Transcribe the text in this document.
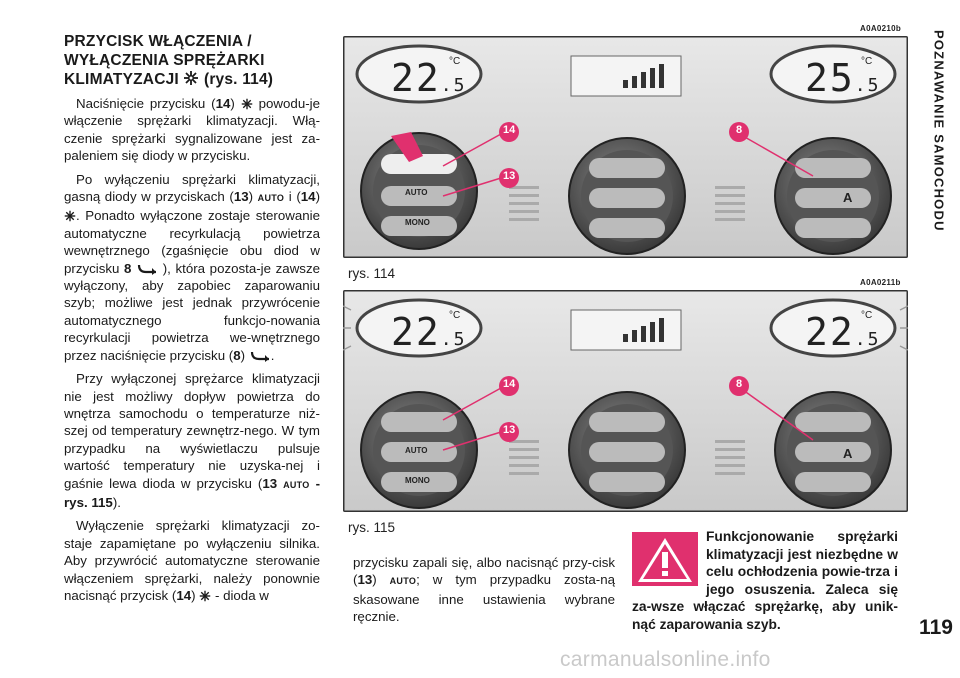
PRZYCISK WŁĄCZENIA /
WYŁĄCZENIA SPRĘŻARKI
KLIMATYZACJI (rys. 114)

Naciśnięcie przycisku (14)  powodu-je włączenie sprężarki klimatyzacji. Włą-czenie sprężarki sygnalizowane jest za-paleniem się diody w przycisku.

Po wyłączeniu sprężarki klimatyzacji, gasną diody w przyciskach (13) AUTO i (14) . Ponadto wyłączone zostaje sterowanie automatyczne recyrkulacją powietrza wewnętrznego (zgaśnięcie obu diod w przycisku 8  ), która pozosta-je zawsze wyłączony, aby zapobiec zaparowaniu szyb; możliwe jest jednak przywrócenie automatycznego funkcjo-nowania recyrkulacji powietrza we-wnętrznego przez naciśnięcie przycisku (8) .

Przy wyłączonej sprężarce klimatyzacji nie jest możliwy dopływ powietrza do wnętrza samochodu o temperaturze niż-szej od temperatury zewnętrz-nego. W tym przypadku na wyświetlaczu pulsuje wartość temperatury nie uzyska-nej i gaśnie lewa dioda w przycisku (13 AUTO - rys. 115).

Wyłączenie sprężarki klimatyzacji zo-staje zapamiętane po wyłączeniu silnika. Aby przywrócić automatyczne sterowanie włączeniem sprężarki, należy ponownie nacisnąć przycisk (14)  - dioda w

A0A0210b
22.5
°C	25.5
°C
AUTO
MONO
A
14
13
8
rys. 114
A0A0211b
22.5
°C	22.5
°C
AUTO
MONO
A
14
13
8
rys. 115

przycisku zapali się, albo nacisnąć przy-cisk (13) AUTO; w tym przypadku zosta-ną skasowane inne ustawienia wybrane ręcznie.

Funkcjonowanie sprężarki klimatyzacji jest niezbędne w celu ochłodzenia powie-trza i jego osuszenia. Zaleca się za-wsze włączać sprężarkę, aby unik-nąć zaparowania szyb.

POZNAWANIE SAMOCHODU
119
carmanualsonline.info
